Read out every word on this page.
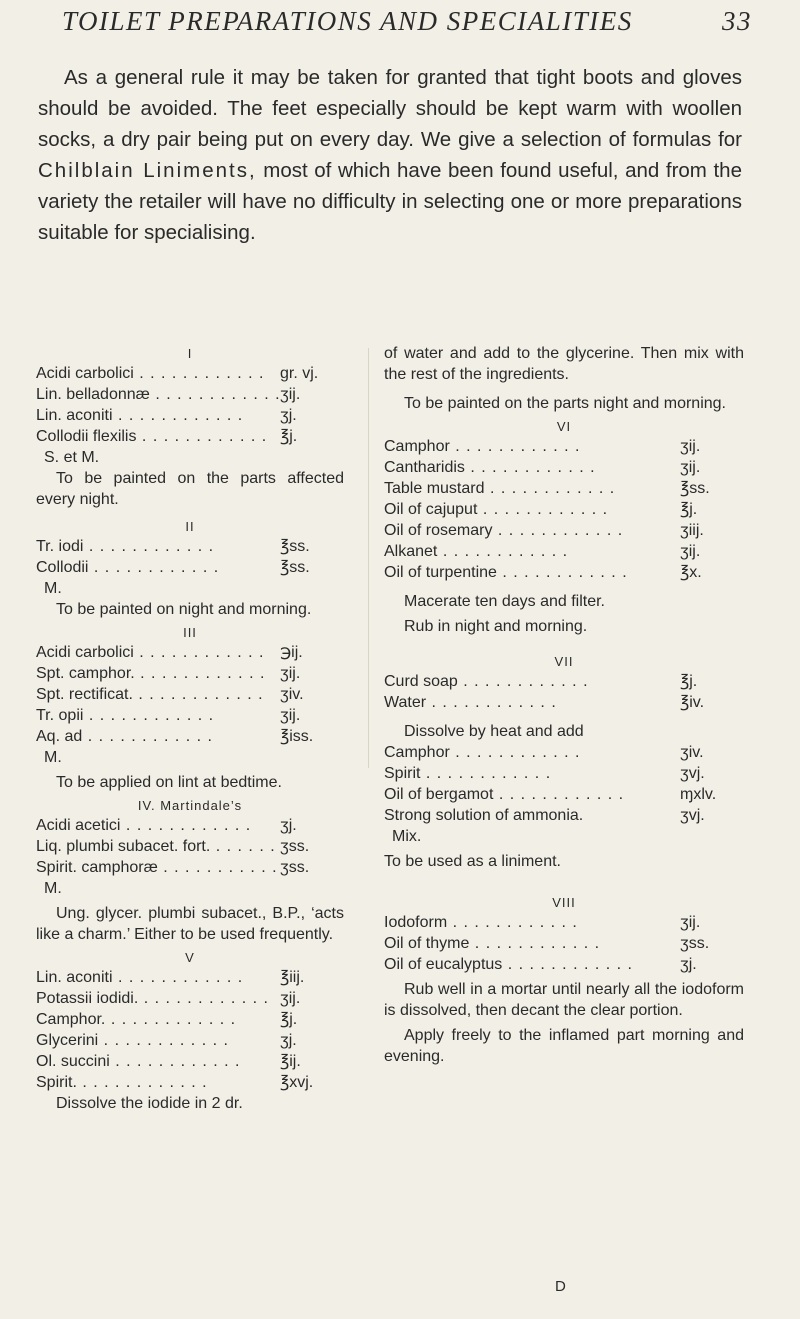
TOILET PREPARATIONS AND SPECIALITIES	33
As a general rule it may be taken for granted that tight boots and gloves should be avoided. The feet especially should be kept warm with woollen socks, a dry pair being put on every day. We give a selection of formulas for Chilblain Liniments, most of which have been found useful, and from the variety the retailer will have no difficulty in selecting one or more preparations suitable for specialising.
I
Acidi carbolici . .	gr. vj.
Lin. belladonnæ . .	ʒij.
Lin. aconiti . .	ʒj.
Collodii flexilis . .	℥j.
S. et M.
To be painted on the parts affected every night.
II
Tr. iodi . .	℥ss.
Collodii . .	℥ss.
M.
To be painted on night and morning.
III
Acidi carbolici . .	℈ij.
Spt. camphor. . .	ʒij.
Spt. rectificat. . .	ʒiv.
Tr. opii . .	ʒij.
Aq. ad . .	℥iss.
M.
To be applied on lint at bedtime.
IV. Martindale’s
Acidi acetici . .	ʒj.
Liq. plumbi subacet. fort. . .	ʒss.
Spirit. camphoræ . .	ʒss.
M.
Ung. glycer. plumbi subacet., B.P., ‘acts like a charm.’ Either to be used frequently.
V
Lin. aconiti . .	℥iij.
Potassii iodidi. . .	ʒij.
Camphor. . .	℥j.
Glycerini . .	ʒj.
Ol. succini . .	℥ij.
Spirit. . .	℥xvj.
Dissolve the iodide in 2 dr.
of water and add to the glycerine. Then mix with the rest of the ingredients.
To be painted on the parts night and morning.
VI
Camphor . .	ʒij.
Cantharidis . .	ʒij.
Table mustard . .	℥ss.
Oil of cajuput . .	℥j.
Oil of rosemary . .	ʒiij.
Alkanet . .	ʒij.
Oil of turpentine . .	℥x.
Macerate ten days and filter.
Rub in night and morning.
VII
Curd soap . .	℥j.
Water . .	℥iv.
Dissolve by heat and add
Camphor . .	ʒiv.
Spirit . .	ʒvj.
Oil of bergamot . .	ɱxlv.
Strong solution of ammonia.	ʒvj.
Mix.
To be used as a liniment.
VIII
Iodoform . .	ʒij.
Oil of thyme . .	ʒss.
Oil of eucalyptus . .	ʒj.
Rub well in a mortar until nearly all the iodoform is dissolved, then decant the clear portion.
Apply freely to the inflamed part morning and evening.
D
